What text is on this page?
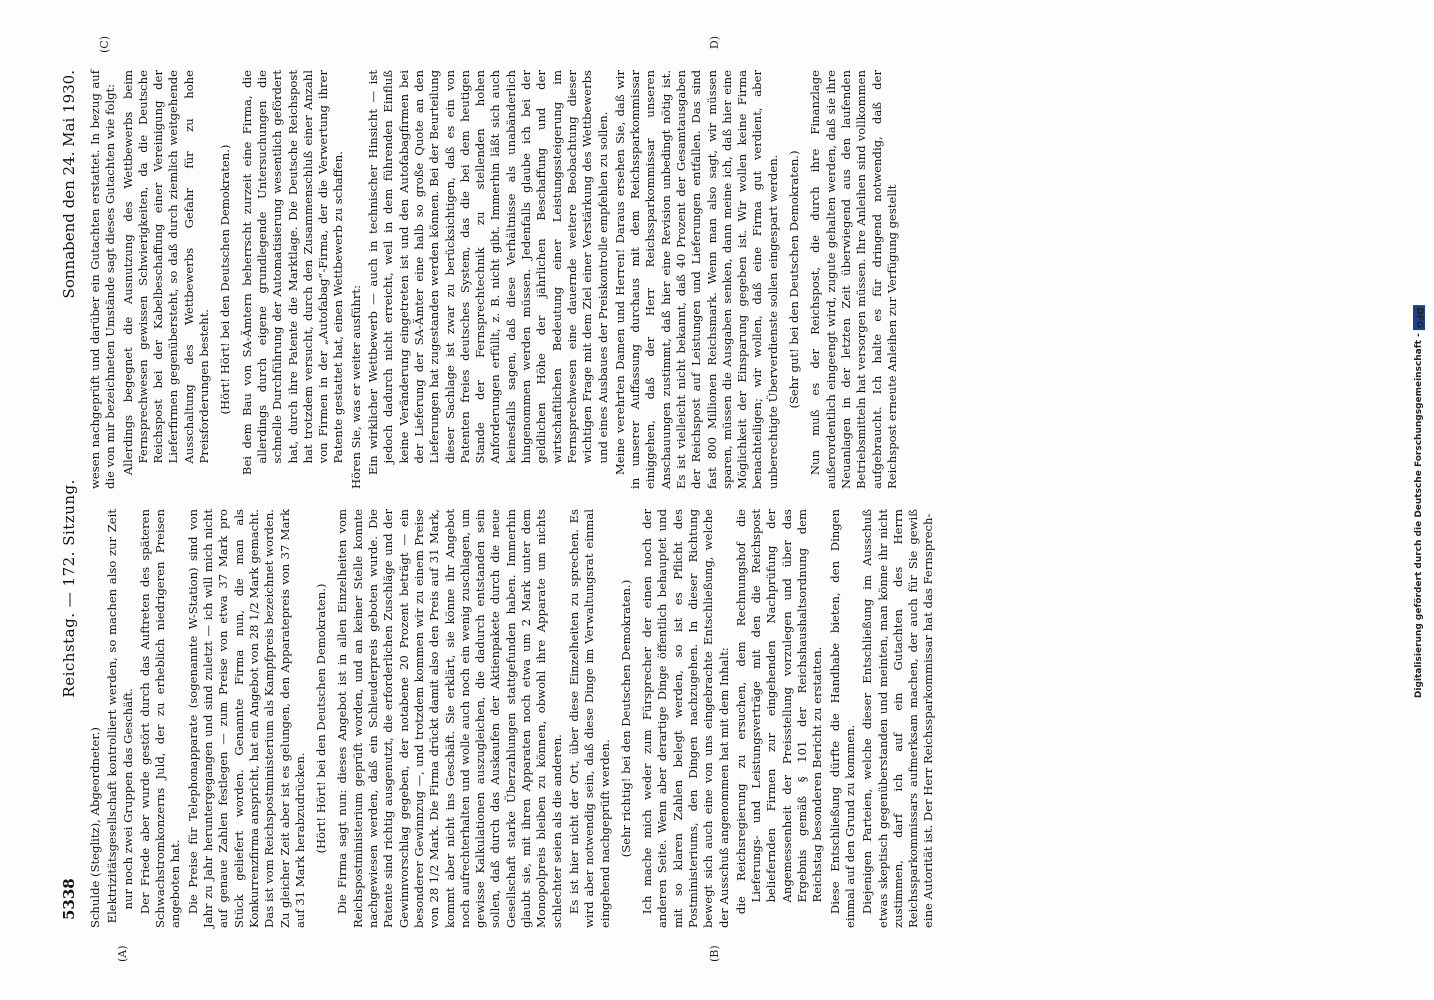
5338
Reichstag. — 172. Sitzung.
Sonnabend den 24. Mai 1930.
(A)	(B)

Schulde (Steglitz), Abgeordneter.) Elektrizitätsgesellschaft kontrolliert werden, so machen also zur Zeit nur noch zwei Gruppen das Geschäft. Der Friede aber wurde gestört durch das Auftreten des späteren Schwachstromkonzerns Juld, der zu erheblich niedrigeren Preisen angeboten hat. Die Preise für Telephonapparate (sogenannte W-Station) sind von Jahr zu Jahr heruntergegangen und sind zuletzt — ich will mich nicht auf genaue Zahlen festlegen — zum Preise von etwa 37 Mark pro Stück geliefert worden. Genannte Firma nun, die man als Konkurrenzfirma anspricht, hat ein Angebot von 28 1/2 Mark gemacht. Das ist vom Reichspostministerium als Kampfpreis bezeichnet worden. Zu gleicher Zeit aber ist es gelungen, den Apparatepreis von 37 Mark auf 31 Mark herabzudrücken. (Hört! Hört! bei den Deutschen Demokraten.) Die Firma sagt nun: dieses Angebot ist in allen Einzelheiten vom Reichspostministerium geprüft worden, und an keiner Stelle konnte nachgewiesen werden, daß ein Schleuderpreis geboten wurde. Die Patente sind richtig ausgenutzt, die erforderlichen Zuschläge und der Gewinnvorschlag gegeben, der notabene 20 Prozent beträgt — ein besonderer Gewinnzug —, und trotzdem kommen wir zu einem Preise von 28 1/2 Mark. Die Firma drückt damit also den Preis auf 31 Mark, kommt aber nicht ins Geschäft. Sie erklärt, sie könne ihr Angebot noch aufrechterhalten und wolle auch noch ein wenig zuschlagen, um gewisse Kalkulationen auszugleichen, die dadurch entstanden sein sollen, daß durch das Auskaufen der Aktienpakete durch die neue Gesellschaft starke Überzahlungen stattgefunden haben. Immerhin glaubt sie, mit ihren Apparaten noch etwa um 2 Mark unter dem Monopolpreis bleiben zu können, obwohl ihre Apparate um nichts schlechter seien als die anderen. Es ist hier nicht der Ort, über diese Einzelheiten zu sprechen. Es wird aber notwendig sein, daß diese Dinge im Verwaltungsrat einmal eingehend nachgeprüft werden. (Sehr richtig! bei den Deutschen Demokraten.) Ich mache mich weder zum Fürsprecher der einen noch der anderen Seite. Wenn aber derartige Dinge öffentlich behauptet und mit so klaren Zahlen belegt werden, so ist es Pflicht des Postministeriums, den Dingen nachzugehen. In dieser Richtung bewegt sich auch eine von uns eingebrachte Entschließung, welche der Ausschuß angenommen hat mit dem Inhalt: die Reichsregierung zu ersuchen, dem Rechnungshof die Lieferungs- und Leistungsverträge mit den die Reichspost beliefernden Firmen zur eingehenden Nachprüfung der Angemessenheit der Preisstellung vorzulegen und über das Ergebnis gemäß § 101 der Reichshaushaltsordnung dem Reichstag besonderen Bericht zu erstatten. Diese Entschließung dürfte die Handhabe bieten, den Dingen einmal auf den Grund zu kommen. Diejenigen Parteien, welche dieser Entschließung im Ausschuß etwas skeptisch gegenüberstanden und meinten, man könne ihr nicht zustimmen, darf ich auf ein Gutachten des Herrn Reichssparkommissars aufmerksam machen, der auch für Sie gewiß eine Autorität ist. Der Herr Reichssparkommissar hat das Fernsprech-

(C)	D)

wesen nachgeprüft und darüber ein Gutachten erstattet. In bezug auf die von mir bezeichneten Umstände sagt dieses Gutachten wie folgt: Allerdings begegnet die Ausnutzung des Wettbewerbs beim Fernsprechwesen gewissen Schwierigkeiten, da die Deutsche Reichspost bei der Kabelbeschaffung einer Vereinigung der Lieferfirmen gegenübersteht, so daß durch ziemlich weitgehende Ausschaltung des Wettbewerbs Gefahr für zu hohe Preisforderungen besteht. (Hört! Hört! bei den Deutschen Demokraten.) Bei dem Bau von SA-Ämtern beherrscht zurzeit eine Firma, die allerdings durch eigene grundlegende Untersuchungen die schnelle Durchführung der Automatisierung wesentlich gefördert hat, durch ihre Patente die Marktlage. Die Deutsche Reichspost hat trotzdem versucht, durch den Zusammenschluß einer Anzahl von Firmen in der „Autofabag“-Firma, der die Verwertung ihrer Patente gestattet hat, einen Wettbewerb zu schaffen. Hören Sie, was er weiter ausführt: Ein wirklicher Wettbewerb — auch in technischer Hinsicht — ist jedoch dadurch nicht erreicht, weil in dem führenden Einfluß keine Veränderung eingetreten ist und den Autofabagfirmen bei der Lieferung der SA-Ämter eine halb so große Quote an den Lieferungen hat zugestanden werden können. Bei der Beurteilung dieser Sachlage ist zwar zu berücksichtigen, daß es ein von Patenten freies deutsches System, das die bei dem heutigen Stande der Fernsprechtechnik zu stellenden hohen Anforderungen erfüllt, z. B. nicht gibt. Immerhin läßt sich auch keinesfalls sagen, daß diese Verhältnisse als unabänderlich hingenommen werden müssen. Jedenfalls glaube ich bei der geldlichen Höhe der jährlichen Beschaffung und der wirtschaftlichen Bedeutung einer Leistungssteigerung im Fernsprechwesen eine dauernde weitere Beobachtung dieser wichtigen Frage mit dem Ziel einer Verstärkung des Wettbewerbs und eines Ausbaues der Preiskontrolle empfehlen zu sollen. Meine verehrten Damen und Herren! Daraus ersehen Sie, daß wir in unserer Auffassung durchaus mit dem Reichssparkommissar einiggehen, daß der Herr Reichssparkommissar unseren Anschauungen zustimmt, daß hier eine Revision unbedingt nötig ist. Es ist vielleicht nicht bekannt, daß 40 Prozent der Gesamtausgaben der Reichspost auf Leistungen und Lieferungen entfallen. Das sind fast 800 Millionen Reichsmark. Wenn man also sagt, wir müssen sparen, müssen die Ausgaben senken, dann meine ich, daß hier eine Möglichkeit der Einsparung gegeben ist. Wir wollen keine Firma benachteiligen; wir wollen, daß eine Firma gut verdient, aber unberechtigte Überverdienste sollen eingespart werden. (Sehr gut! bei den Deutschen Demokraten.) Nun muß es der Reichspost, die durch ihre Finanzlage außerordentlich eingeengt wird, zugute gehalten werden, daß sie ihre Neuanlagen in der letzten Zeit überwiegend aus den laufenden Betriebsmitteln hat versorgen müssen. Ihre Anleihen sind vollkommen aufgebraucht. Ich halte es für dringend notwendig, daß der Reichspost erneute Anleihen zur Verfügung gestellt	Digitalisierung gefördert durch die Deutsche Forschungsgemeinschaft - DFG
